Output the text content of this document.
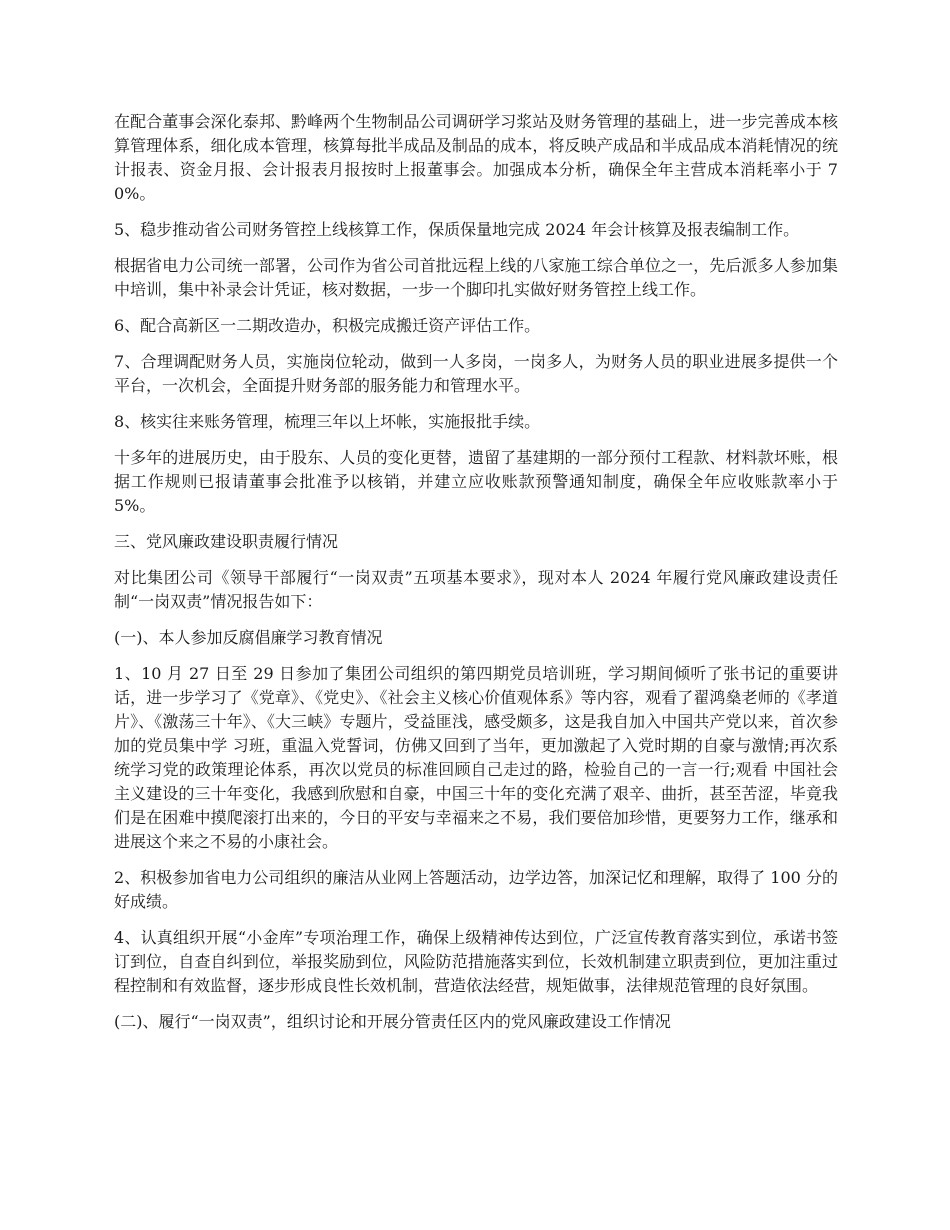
在配合董事会深化泰邦、黔峰两个生物制品公司调研学习浆站及财务管理的基础上，进一步完善成本核算管理体系，细化成本管理，核算每批半成品及制品的成本，将反映产成品和半成品成本消耗情况的统计报表、资金月报、会计报表月报按时上报董事会。加强成本分析，确保全年主营成本消耗率小于 70%。

5、稳步推动省公司财务管控上线核算工作，保质保量地完成 2024 年会计核算及报表编制工作。

根据省电力公司统一部署，公司作为省公司首批远程上线的八家施工综合单位之一，先后派多人参加集中培训，集中补录会计凭证，核对数据，一步一个脚印扎实做好财务管控上线工作。

6、配合高新区一二期改造办，积极完成搬迁资产评估工作。

7、合理调配财务人员，实施岗位轮动，做到一人多岗，一岗多人，为财务人员的职业进展多提供一个平台，一次机会，全面提升财务部的服务能力和管理水平。

8、核实往来账务管理，梳理三年以上坏帐，实施报批手续。

十多年的进展历史，由于股东、人员的变化更替，遗留了基建期的一部分预付工程款、材料款坏账，根据工作规则已报请董事会批准予以核销，并建立应收账款预警通知制度，确保全年应收账款率小于 5%。

三、党风廉政建设职责履行情况

对比集团公司《领导干部履行“一岗双责”五项基本要求》，现对本人 2024 年履行党风廉政建设责任制“一岗双责”情况报告如下：

(一)、本人参加反腐倡廉学习教育情况

1、10 月 27 日至 29 日参加了集团公司组织的第四期党员培训班，学习期间倾听了张书记的重要讲话，进一步学习了《党章》、《党史》、《社会主义核心价值观体系》等内容，观看了翟鸿燊老师的《孝道片》、《激荡三十年》、《大三峡》专题片，受益匪浅，感受颇多，这是我自加入中国共产党以来，首次参加的党员集中学 习班，重温入党誓词，仿佛又回到了当年，更加激起了入党时期的自豪与激情;再次系统学习党的政策理论体系，再次以党员的标准回顾自己走过的路，检验自己的一言一行;观看 中国社会主义建设的三十年变化，我感到欣慰和自豪，中国三十年的变化充满了艰辛、曲折，甚至苦涩，毕竟我们是在困难中摸爬滚打出来的，今日的平安与幸福来之不易，我们要倍加珍惜，更要努力工作，继承和进展这个来之不易的小康社会。

2、积极参加省电力公司组织的廉洁从业网上答题活动，边学边答，加深记忆和理解，取得了 100 分的好成绩。

4、认真组织开展“小金库”专项治理工作，确保上级精神传达到位，广泛宣传教育落实到位，承诺书签订到位，自查自纠到位，举报奖励到位，风险防范措施落实到位，长效机制建立职责到位，更加注重过程控制和有效监督，逐步形成良性长效机制，营造依法经营，规矩做事，法律规范管理的良好氛围。

(二)、履行“一岗双责”，组织讨论和开展分管责任区内的党风廉政建设工作情况
